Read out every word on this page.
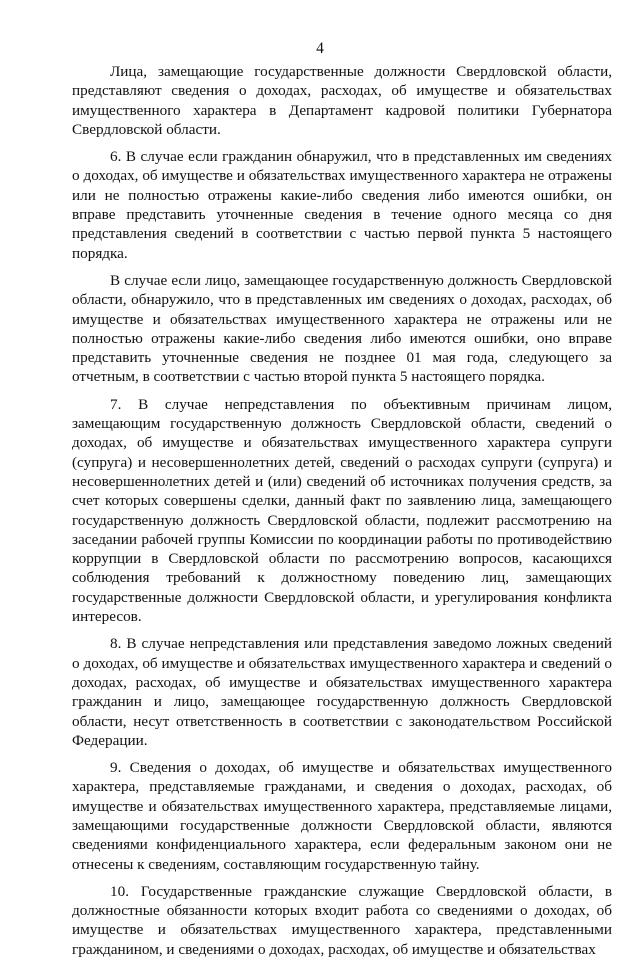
4

Лица, замещающие государственные должности Свердловской области, представляют сведения о доходах, расходах, об имуществе и обязательствах имущественного характера в Департамент кадровой политики Губернатора Свердловской области.

6. В случае если гражданин обнаружил, что в представленных им сведениях о доходах, об имуществе и обязательствах имущественного характера не отражены или не полностью отражены какие-либо сведения либо имеются ошибки, он вправе представить уточненные сведения в течение одного месяца со дня представления сведений в соответствии с частью первой пункта 5 настоящего порядка.

В случае если лицо, замещающее государственную должность Свердловской области, обнаружило, что в представленных им сведениях о доходах, расходах, об имуществе и обязательствах имущественного характера не отражены или не полностью отражены какие-либо сведения либо имеются ошибки, оно вправе представить уточненные сведения не позднее 01 мая года, следующего за отчетным, в соответствии с частью второй пункта 5 настоящего порядка.

7. В случае непредставления по объективным причинам лицом, замещающим государственную должность Свердловской области, сведений о доходах, об имуществе и обязательствах имущественного характера супруги (супруга) и несовершеннолетних детей, сведений о расходах супруги (супруга) и несовершеннолетних детей и (или) сведений об источниках получения средств, за счет которых совершены сделки, данный факт по заявлению лица, замещающего государственную должность Свердловской области, подлежит рассмотрению на заседании рабочей группы Комиссии по координации работы по противодействию коррупции в Свердловской области по рассмотрению вопросов, касающихся соблюдения требований к должностному поведению лиц, замещающих государственные должности Свердловской области, и урегулирования конфликта интересов.

8. В случае непредставления или представления заведомо ложных сведений о доходах, об имуществе и обязательствах имущественного характера и сведений о доходах, расходах, об имуществе и обязательствах имущественного характера гражданин и лицо, замещающее государственную должность Свердловской области, несут ответственность в соответствии с законодательством Российской Федерации.

9. Сведения о доходах, об имуществе и обязательствах имущественного характера, представляемые гражданами, и сведения о доходах, расходах, об имуществе и обязательствах имущественного характера, представляемые лицами, замещающими государственные должности Свердловской области, являются сведениями конфиденциального характера, если федеральным законом они не отнесены к сведениям, составляющим государственную тайну.

10. Государственные гражданские служащие Свердловской области, в должностные обязанности которых входит работа со сведениями о доходах, об имуществе и обязательствах имущественного характера, представленными гражданином, и сведениями о доходах, расходах, об имуществе и обязательствах
